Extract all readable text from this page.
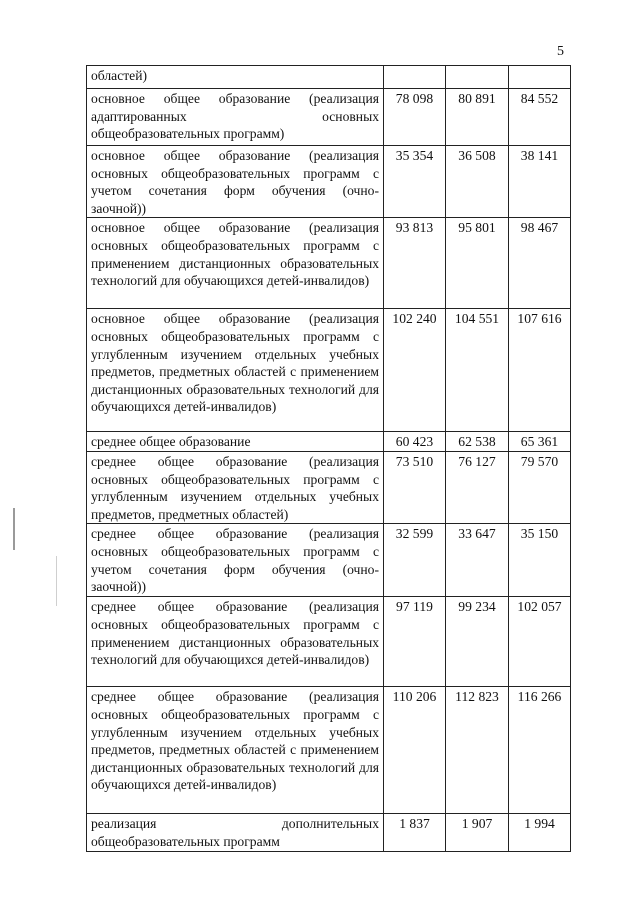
5
областей)			
основное общее образование (реализация адаптированных основных общеобразовательных программ)	78 098	80 891	84 552
основное общее образование (реализация основных общеобразовательных программ с учетом сочетания форм обучения (очно-заочной))	35 354	36 508	38 141
основное общее образование (реализация основных общеобразовательных программ с применением дистанционных образовательных технологий для обучающихся детей-инвалидов)	93 813	95 801	98 467
основное общее образование (реализация основных общеобразовательных программ с углубленным изучением отдельных учебных предметов, предметных областей с применением дистанционных образовательных технологий для обучающихся детей-инвалидов)	102 240	104 551	107 616
среднее общее образование	60 423	62 538	65 361
среднее общее образование (реализация основных общеобразовательных программ с углубленным изучением отдельных учебных предметов, предметных областей)	73 510	76 127	79 570
среднее общее образование (реализация основных общеобразовательных программ с учетом сочетания форм обучения (очно-заочной))	32 599	33 647	35 150
среднее общее образование (реализация основных общеобразовательных программ с применением дистанционных образовательных технологий для обучающихся детей-инвалидов)	97 119	99 234	102 057
среднее общее образование (реализация основных общеобразовательных программ с углубленным изучением отдельных учебных предметов, предметных областей с применением дистанционных образовательных технологий для обучающихся детей-инвалидов)	110 206	112 823	116 266
реализация дополнительных общеобразовательных программ	1 837	1 907	1 994
